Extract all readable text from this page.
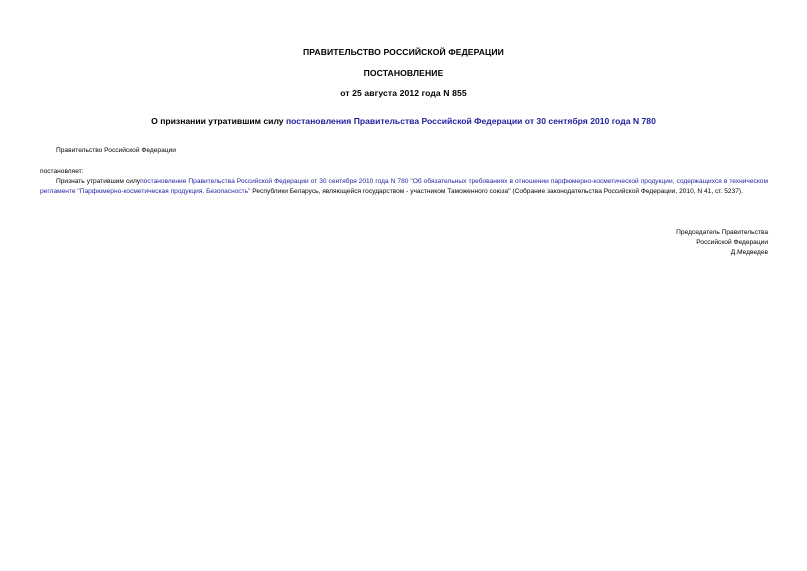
ПРАВИТЕЛЬСТВО РОССИЙСКОЙ ФЕДЕРАЦИИ
ПОСТАНОВЛЕНИЕ
от 25 августа 2012 года N 855
О признании утратившим силу постановления Правительства Российской Федерации от 30 сентября 2010 года N 780
Правительство Российской Федерации
постановляет:
Признать утратившим силупостановление Правительства Российской Федерации от 30 сентября 2010 года N 780 "Об обязательных требованиях в отношении парфюмерно-косметической продукции, содержащихся в техническом регламенте "Парфюмерно-косметическая продукция. Безопасность" Республики Беларусь, являющейся государством - участником Таможенного союза" (Собрание законодательства Российской Федерации, 2010, N 41, ст. 5237).
Председатель Правительства
Российской Федерации
Д.Медведев
